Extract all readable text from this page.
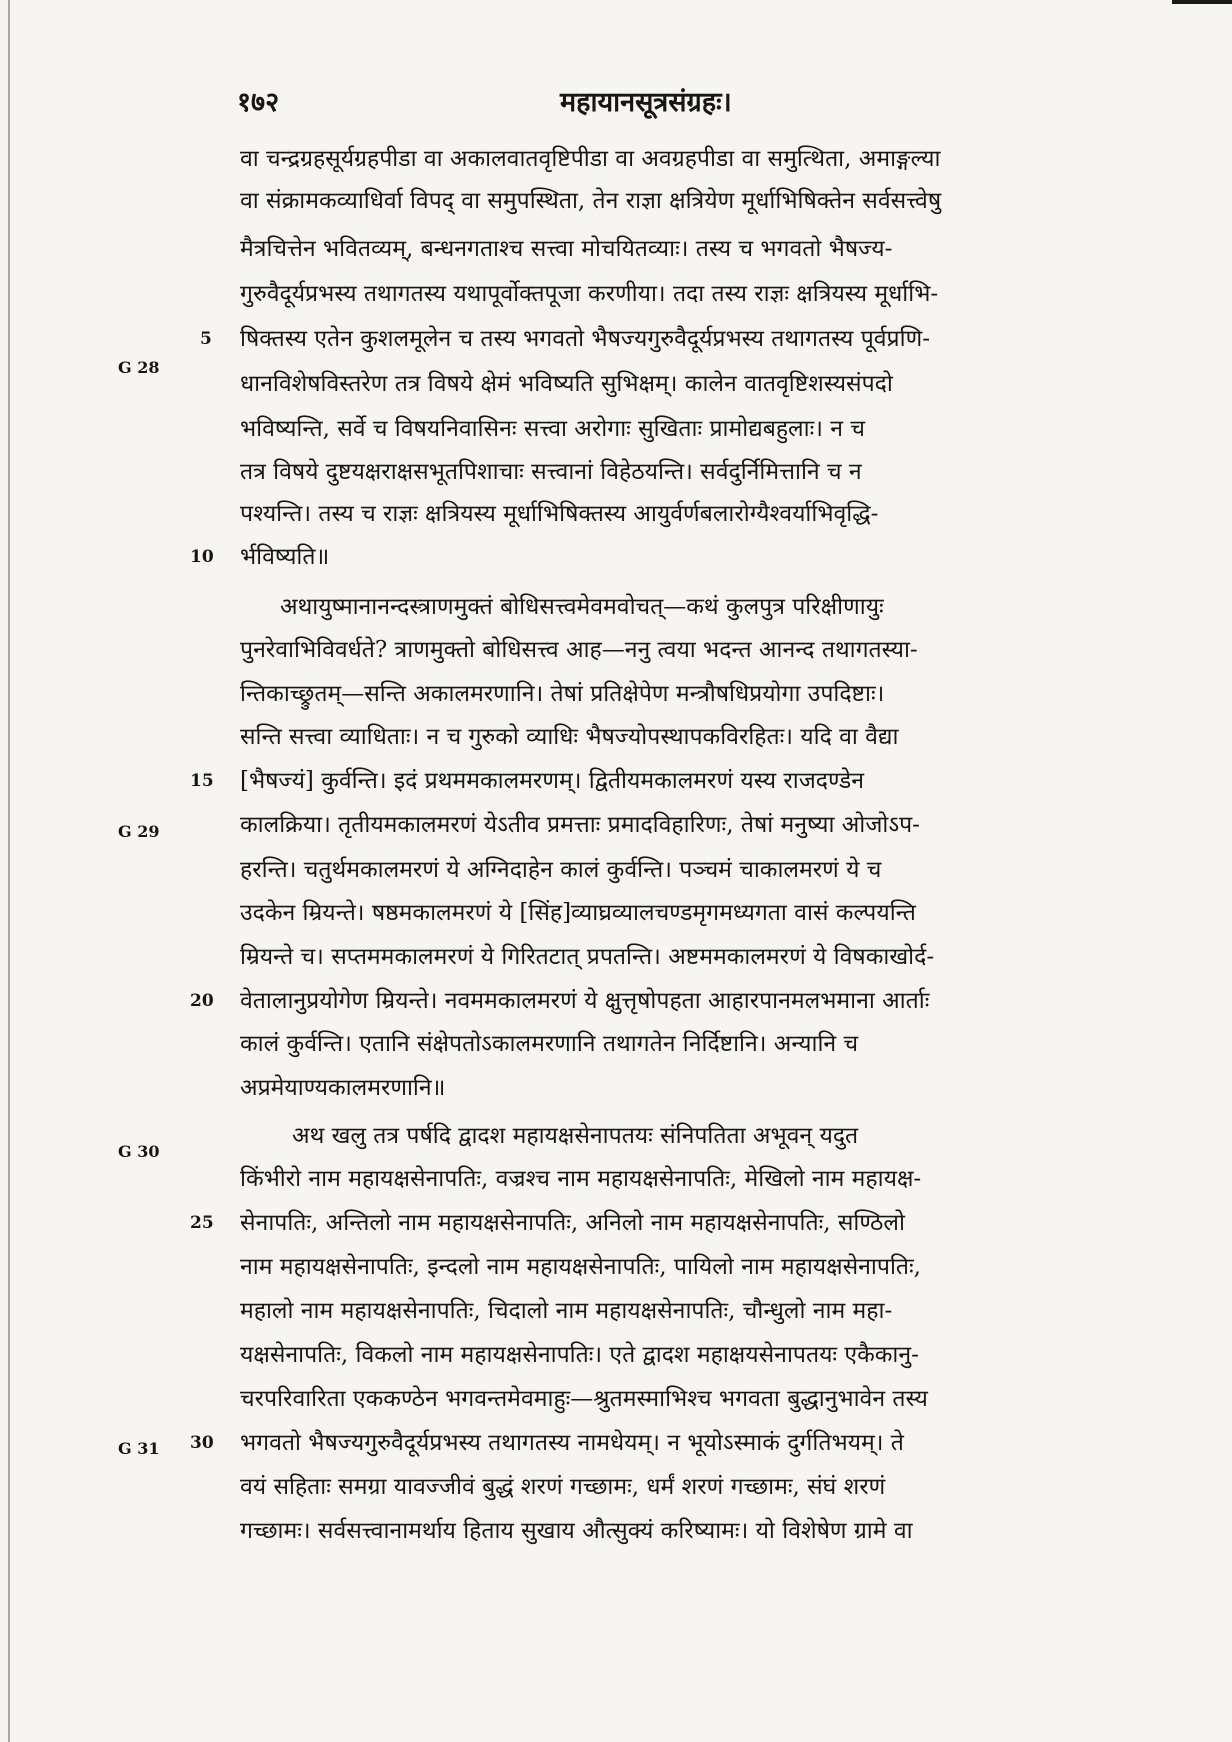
१७२	महायानसूत्रसंग्रहः।
वा चन्द्रग्रहसूर्यग्रहपीडा वा अकालवातवृष्टिपीडा वा अवग्रहपीडा वा समुत्थिता, अमाङ्गल्या
वा संक्रामकव्याधिर्वा विपद् वा समुपस्थिता, तेन राज्ञा क्षत्रियेण मूर्धाभिषिक्तेन सर्वसत्त्वेषु
मैत्रचित्तेन भवितव्यम्, बन्धनगताश्च सत्त्वा मोचयितव्याः। तस्य च भगवतो भैषज्य-
गुरुवैदूर्यप्रभस्य तथागतस्य यथापूर्वोक्तपूजा करणीया। तदा तस्य राज्ञः क्षत्रियस्य मूर्धाभि-
षिक्तस्य एतेन कुशलमूलेन च तस्य भगवतो भैषज्यगुरुवैदूर्यप्रभस्य तथागतस्य पूर्वप्रणि-
5
धानविशेषविस्तरेण तत्र विषये क्षेमं भविष्यति सुभिक्षम्। कालेन वातवृष्टिशस्यसंपदो
भविष्यन्ति, सर्वे च विषयनिवासिनः सत्त्वा अरोगाः सुखिताः प्रामोद्यबहुलाः। न च
तत्र विषये दुष्टयक्षराक्षसभूतपिशाचाः सत्त्वानां विहेठयन्ति। सर्वदुर्निमित्तानि च न
पश्यन्ति। तस्य च राज्ञः क्षत्रियस्य मूर्धाभिषिक्तस्य आयुर्वर्णबलारोग्यैश्वर्याभिवृद्धि-
र्भविष्यति॥
10
अथायुष्मानानन्दस्त्राणमुक्तं बोधिसत्त्वमेवमवोचत्—कथं कुलपुत्र परिक्षीणायुः
पुनरेवाभिविवर्धते? त्राणमुक्तो बोधिसत्त्व आह—ननु त्वया भदन्त आनन्द तथागतस्या-
न्तिकाच्छ्रुतम्—सन्ति अकालमरणानि। तेषां प्रतिक्षेपेण मन्त्रौषधिप्रयोगा उपदिष्टाः।
सन्ति सत्त्वा व्याधिताः। न च गुरुको व्याधिः भैषज्योपस्थापकविरहितः। यदि वा वैद्या
[भैषज्यं] कुर्वन्ति। इदं प्रथममकालमरणम्। द्वितीयमकालमरणं यस्य राजदण्डेन
15
कालक्रिया। तृतीयमकालमरणं येऽतीव प्रमत्ताः प्रमादविहारिणः, तेषां मनुष्या ओजोऽप-
हरन्ति। चतुर्थमकालमरणं ये अग्निदाहेन कालं कुर्वन्ति। पञ्चमं चाकालमरणं ये च
उदकेन म्रियन्ते। षष्ठमकालमरणं ये [सिंह]व्याघ्रव्यालचण्डमृगमध्यगता वासं कल्पयन्ति
म्रियन्ते च। सप्तममकालमरणं ये गिरितटात् प्रपतन्ति। अष्टममकालमरणं ये विषकाखोर्द-
वेतालानुप्रयोगेण म्रियन्ते। नवममकालमरणं ये क्षुत्तृषोपहता आहारपानमलभमाना आर्ताः
20
कालं कुर्वन्ति। एतानि संक्षेपतोऽकालमरणानि तथागतेन निर्दिष्टानि। अन्यानि च
अप्रमेयाण्यकालमरणानि॥
अथ खलु तत्र पर्षदि द्वादश महायक्षसेनापतयः संनिपतिता अभूवन् यदुत
किंभीरो नाम महायक्षसेनापतिः, वज्रश्च नाम महायक्षसेनापतिः, मेखिलो नाम महायक्ष-
सेनापतिः, अन्तिलो नाम महायक्षसेनापतिः, अनिलो नाम महायक्षसेनापतिः, सण्ठिलो
25
नाम महायक्षसेनापतिः, इन्दलो नाम महायक्षसेनापतिः, पायिलो नाम महायक्षसेनापतिः,
महालो नाम महायक्षसेनापतिः, चिदालो नाम महायक्षसेनापतिः, चौन्धुलो नाम महा-
यक्षसेनापतिः, विकलो नाम महायक्षसेनापतिः। एते द्वादश महाक्षयसेनापतयः एकैकानु-
चरपरिवारिता एककण्ठेन भगवन्तमेवमाहुः—श्रुतमस्माभिश्च भगवता बुद्धानुभावेन तस्य
भगवतो भैषज्यगुरुवैदूर्यप्रभस्य तथागतस्य नामधेयम्। न भूयोऽस्माकं दुर्गतिभयम्। ते
30
वयं सहिताः समग्रा यावज्जीवं बुद्धं शरणं गच्छामः, धर्मं शरणं गच्छामः, संघं शरणं
गच्छामः। सर्वसत्त्वानामर्थाय हिताय सुखाय औत्सुक्यं करिष्यामः। यो विशेषेण ग्रामे वा
G 28
G 29
G 30
G 31
